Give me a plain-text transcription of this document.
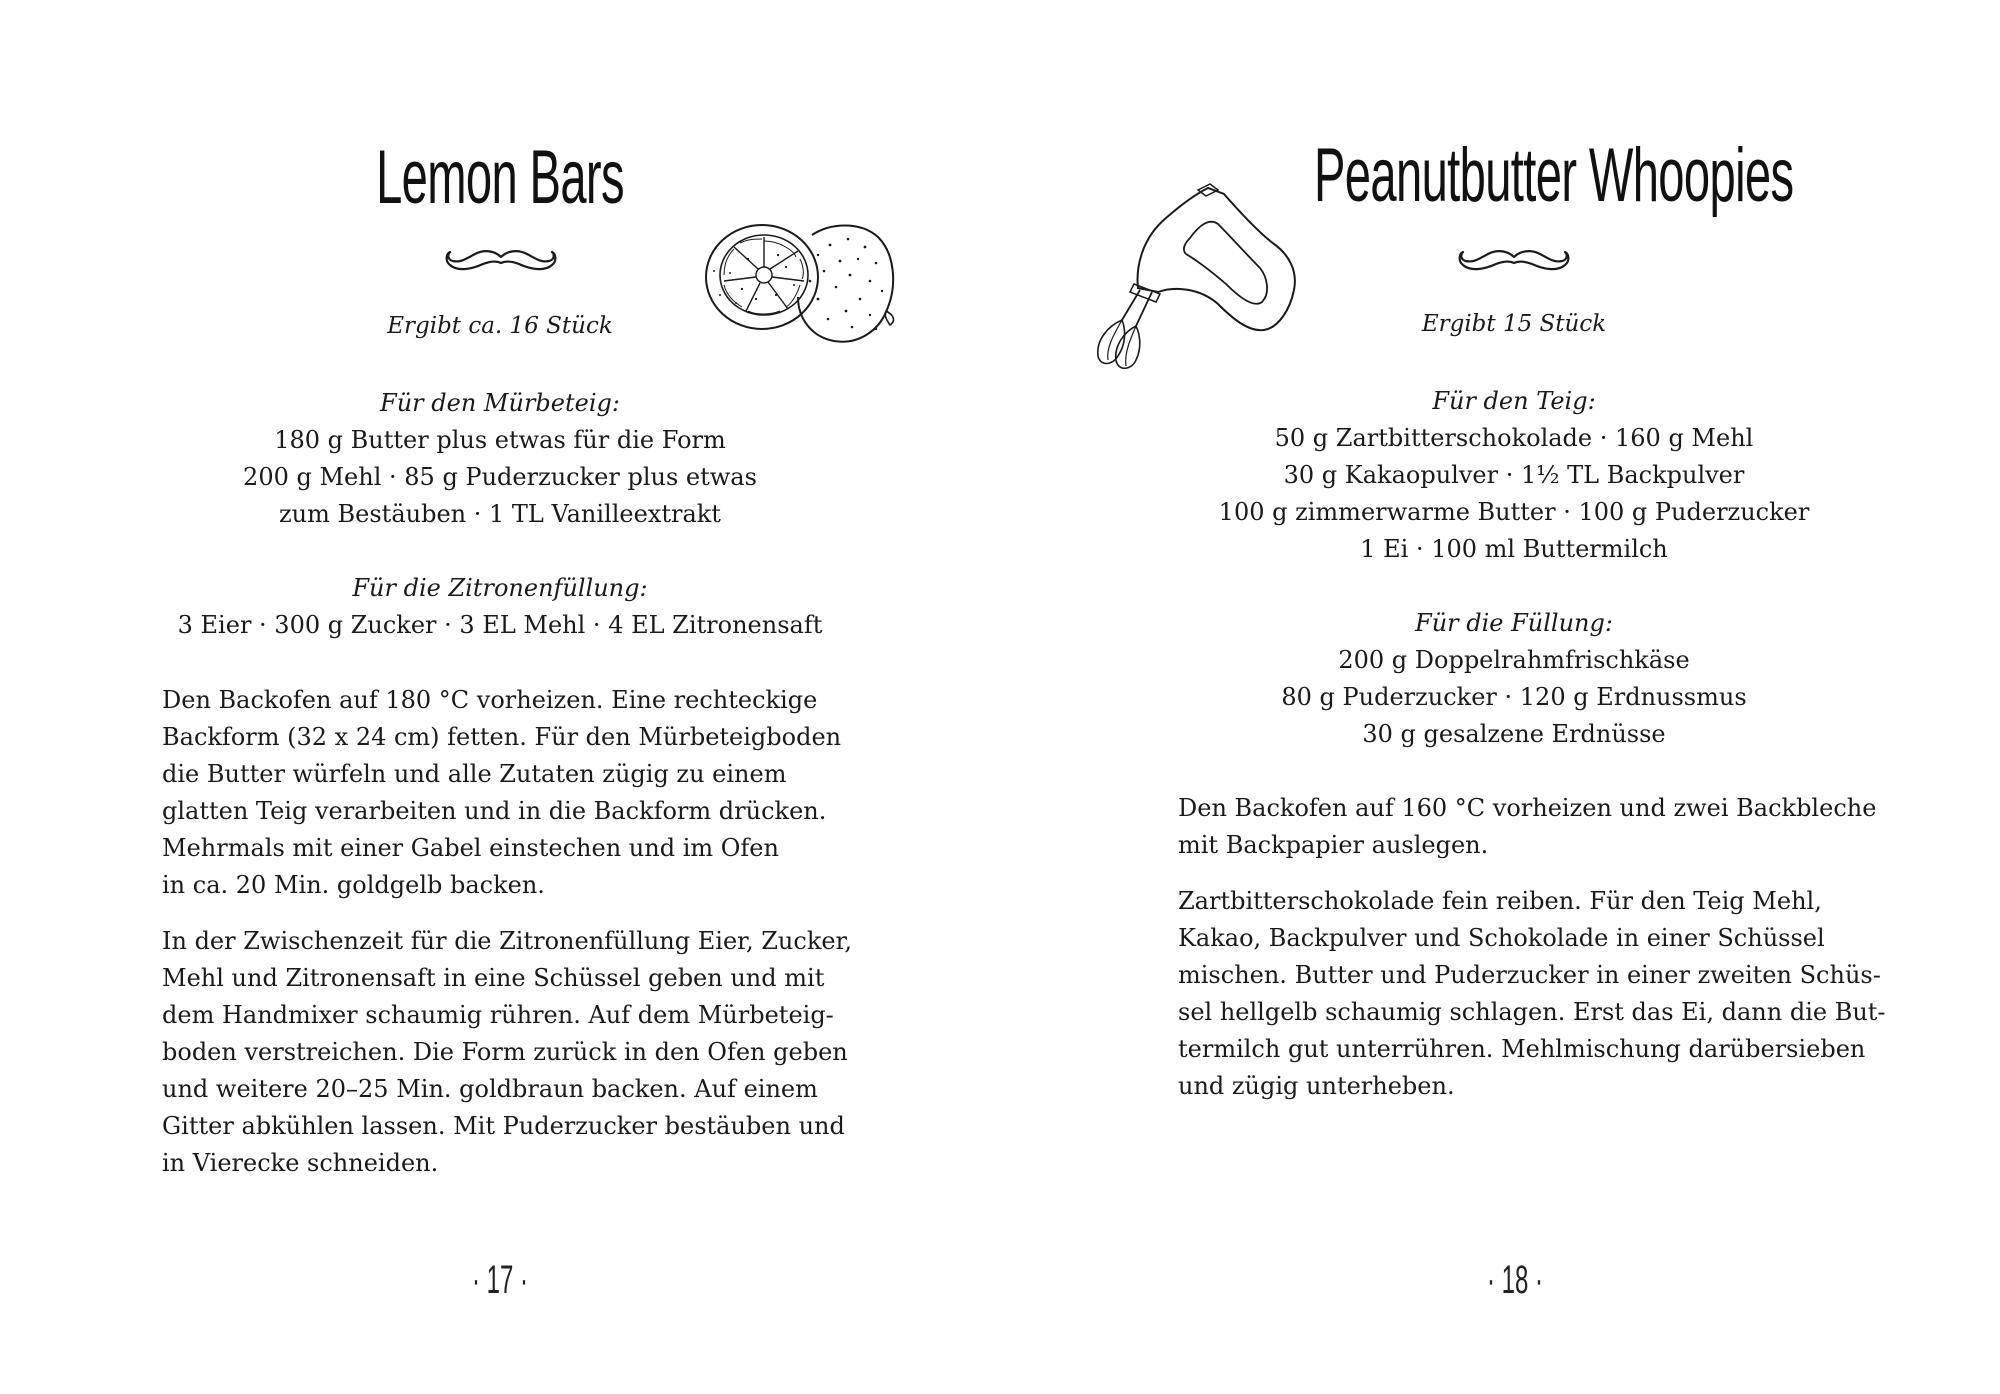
Lemon Bars
Ergibt ca. 16 Stück
Für den Mürbeteig:
180 g Butter plus etwas für die Form
200 g Mehl · 85 g Puderzucker plus etwas
zum Bestäuben · 1 TL Vanilleextrakt
Für die Zitronenfüllung:
3 Eier · 300 g Zucker · 3 EL Mehl · 4 EL Zitronensaft

Den Backofen auf 180 °C vorheizen. Eine rechteckige
Backform (32 x 24 cm) fetten. Für den Mürbeteigboden
die Butter würfeln und alle Zutaten zügig zu einem
glatten Teig verarbeiten und in die Backform drücken.
Mehrmals mit einer Gabel einstechen und im Ofen
in ca. 20 Min. goldgelb backen.

In der Zwischenzeit für die Zitronenfüllung Eier, Zucker,
Mehl und Zitronensaft in eine Schüssel geben und mit
dem Handmixer schaumig rühren. Auf dem Mürbeteig-
boden verstreichen. Die Form zurück in den Ofen geben
und weitere 20–25 Min. goldbraun backen. Auf einem
Gitter abkühlen lassen. Mit Puderzucker bestäuben und
in Vierecke schneiden.

· 17 ·
Peanutbutter Whoopies
Ergibt 15 Stück
Für den Teig:
50 g Zartbitterschokolade · 160 g Mehl
30 g Kakaopulver · 1½ TL Backpulver
100 g zimmerwarme Butter · 100 g Puderzucker
1 Ei · 100 ml Buttermilch
Für die Füllung:
200 g Doppelrahmfrischkäse
80 g Puderzucker · 120 g Erdnussmus
30 g gesalzene Erdnüsse

Den Backofen auf 160 °C vorheizen und zwei Backbleche
mit Backpapier auslegen.

Zartbitterschokolade fein reiben. Für den Teig Mehl,
Kakao, Backpulver und Schokolade in einer Schüssel
mischen. Butter und Puderzucker in einer zweiten Schüs-
sel hellgelb schaumig schlagen. Erst das Ei, dann die But-
termilch gut unterrühren. Mehlmischung darübersieben
und zügig unterheben.

· 18 ·
